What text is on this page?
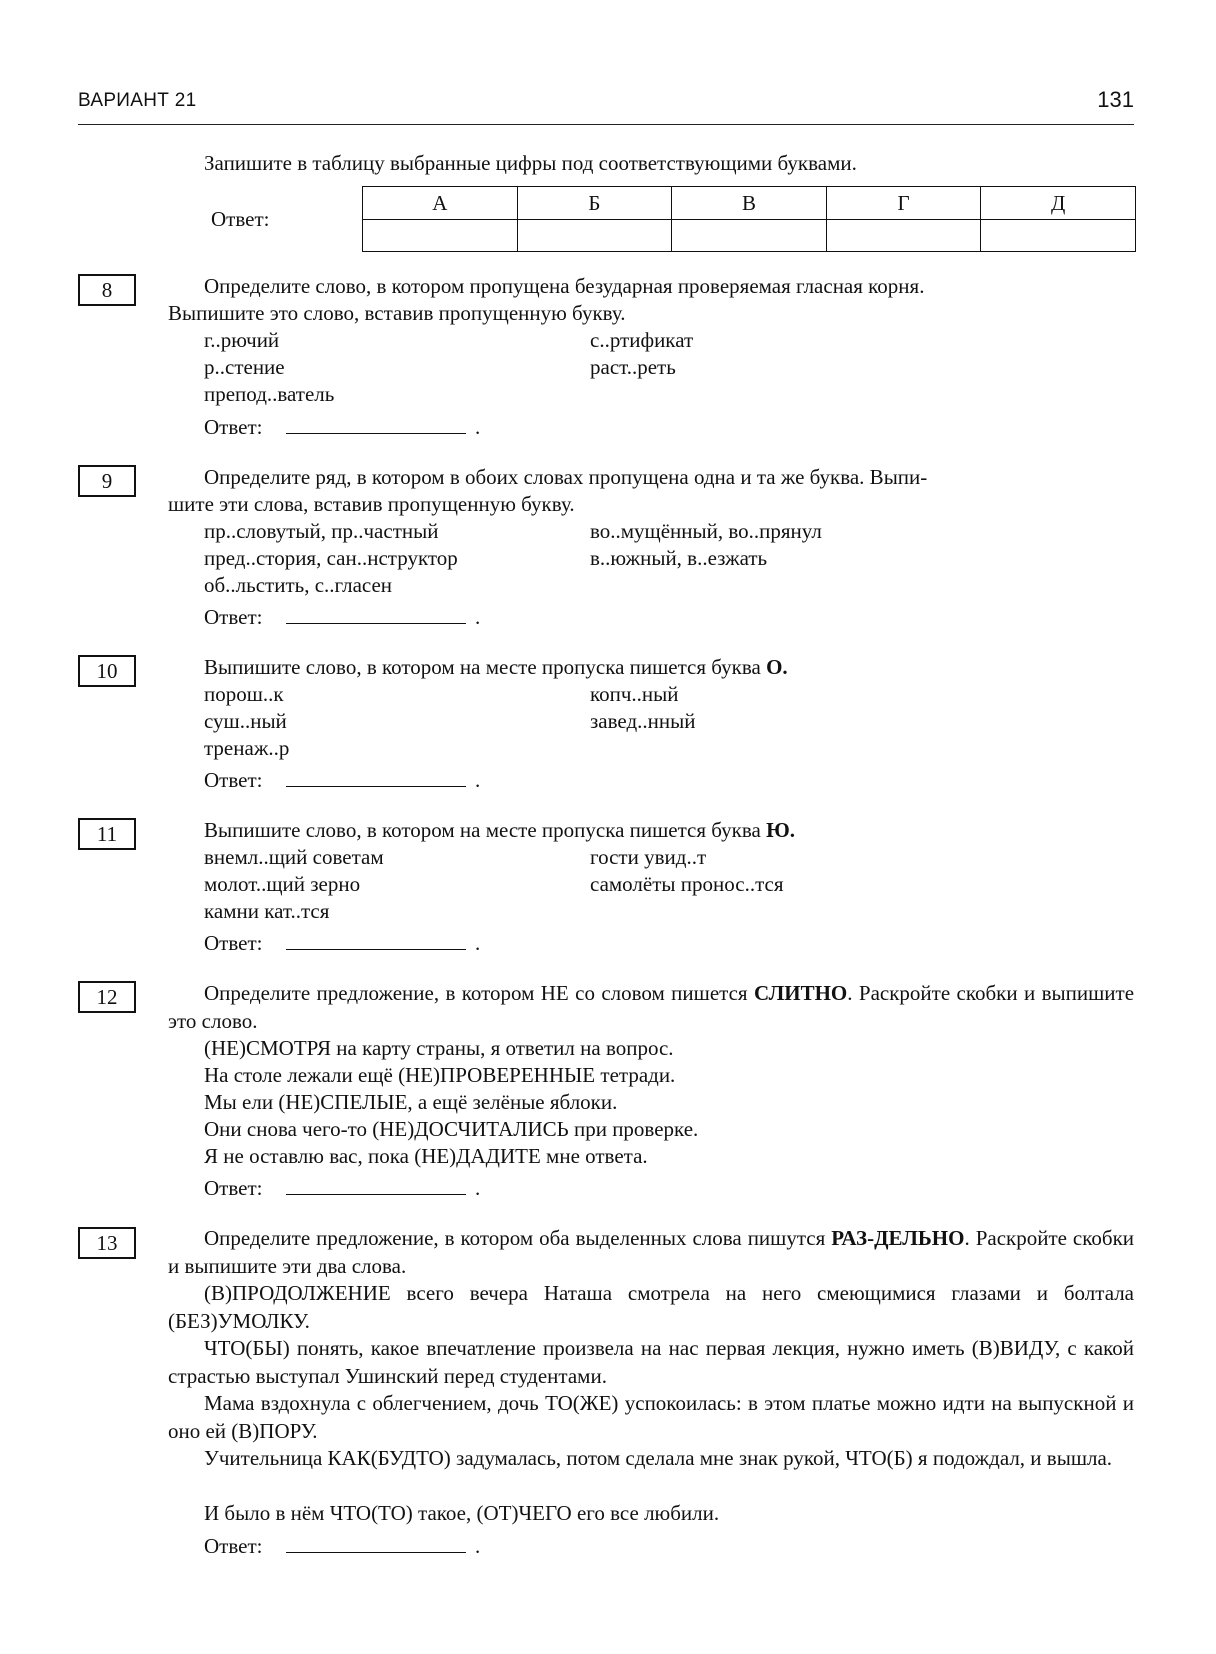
ВАРИАНТ 21	131
Запишите в таблицу выбранные цифры под соответствующими буквами.
Ответ:
А	Б	В	Г	Д

8	Определите слово, в котором пропущена безударная проверяемая гласная корня.
Выпишите это слово, вставив пропущенную букву.
г..рючий
р..стение
препод..ватель
с..ртификат
раст..реть
Ответ:	.
9	Определите ряд, в котором в обоих словах пропущена одна и та же буква. Выпи-
шите эти слова, вставив пропущенную букву.
пр..словутый, пр..частный
пред..стория, сан..нструктор
об..льстить, с..гласен
во..мущённый, во..прянул
в..южный, в..езжать
Ответ:	.
10	Выпишите слово, в котором на месте пропуска пишется буква О.
порош..к
суш..ный
тренаж..р
копч..ный
завед..нный
Ответ:	.
11	Выпишите слово, в котором на месте пропуска пишется буква Ю.
внемл..щий советам
молот..щий зерно
камни кат..тся
гости увид..т
самолёты пронос..тся
Ответ:	.
12	Определите предложение, в котором НЕ со словом пишется СЛИТНО. Раскройте скобки и выпишите это слово.
(НЕ)СМОТРЯ на карту страны, я ответил на вопрос.
На столе лежали ещё (НЕ)ПРОВЕРЕННЫЕ тетради.
Мы ели (НЕ)СПЕЛЫЕ, а ещё зелёные яблоки.
Они снова чего-то (НЕ)ДОСЧИТАЛИСЬ при проверке.
Я не оставлю вас, пока (НЕ)ДАДИТЕ мне ответа.
Ответ:	.
13	Определите предложение, в котором оба выделенных слова пишутся РАЗ-ДЕЛЬНО. Раскройте скобки и выпишите эти два слова.
(В)ПРОДОЛЖЕНИЕ всего вечера Наташа смотрела на него смеющимися глазами и болтала (БЕЗ)УМОЛКУ.
ЧТО(БЫ) понять, какое впечатление произвела на нас первая лекция, нужно иметь (В)ВИДУ, с какой страстью выступал Ушинский перед студентами.
Мама вздохнула с облегчением, дочь ТО(ЖЕ) успокоилась: в этом платье можно идти на выпускной и оно ей (В)ПОРУ.
Учительница КАК(БУДТО) задумалась, потом сделала мне знак рукой, ЧТО(Б) я подождал, и вышла.
И было в нём ЧТО(ТО) такое, (ОТ)ЧЕГО его все любили.
Ответ:	.
